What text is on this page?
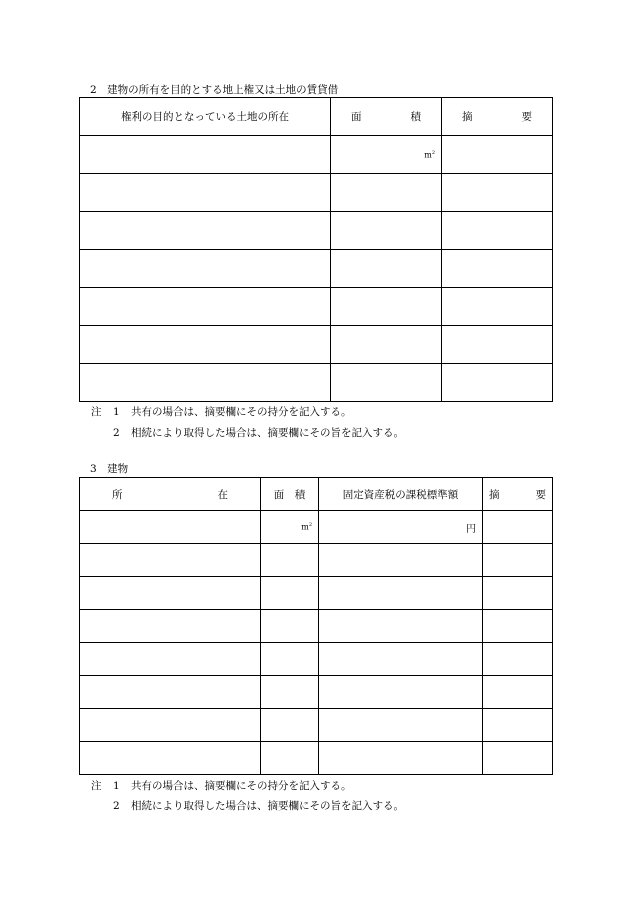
2　建物の所有を目的とする地上権又は土地の賃貸借
権利の目的となっている土地の所在	面 積	摘 要

	$m^2$	

注 1 共有の場合は、摘要欄にその持分を記入する。
2 相続により取得した場合は、摘要欄にその旨を記入する。
3　建物
所 在	面　積	固定資産税の課税標準額	摘 要

	$m^2$	円	

注 1 共有の場合は、摘要欄にその持分を記入する。
2 相続により取得した場合は、摘要欄にその旨を記入する。
